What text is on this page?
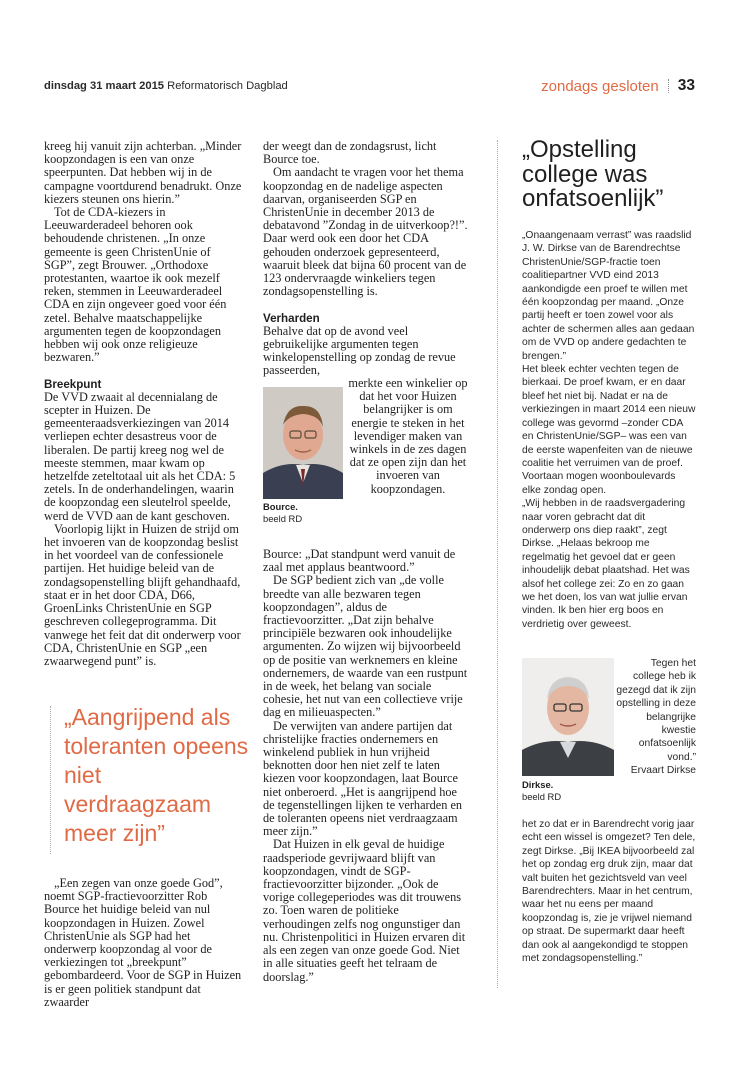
dinsdag 31 maart 2015 Reformatorisch Dagblad	zondags gesloten 33

kreeg hij vanuit zijn achterban. „Minder koopzondagen is een van onze speerpunten. Dat hebben wij in de campagne voortdurend benadrukt. Onze kiezers steunen ons hierin.”

Tot de CDA-kiezers in Leeuwarderadeel behoren ook behoudende christenen. „In onze gemeente is geen ChristenUnie of SGP”, zegt Brouwer. „Orthodoxe protestanten, waartoe ik ook mezelf reken, stemmen in Leeuwarderadeel CDA en zijn ongeveer goed voor één zetel. Behalve maatschappelijke argumenten tegen de koopzondagen hebben wij ook onze religieuze bezwaren.”

Breekpunt

De VVD zwaait al decennialang de scepter in Huizen. De gemeenteraadsverkiezingen van 2014 verliepen echter desastreus voor de liberalen. De partij kreeg nog wel de meeste stemmen, maar kwam op hetzelfde zeteltotaal uit als het CDA: 5 zetels. In de onderhandelingen, waarin de koopzondag een sleutelrol speelde, werd de VVD aan de kant geschoven.

Voorlopig lijkt in Huizen de strijd om het invoeren van de koopzondag beslist in het voordeel van de confessionele partijen. Het huidige beleid van de zondagsopenstelling blijft gehandhaafd, staat er in het door CDA, D66, GroenLinks ChristenUnie en SGP geschreven collegeprogramma. Dit vanwege het feit dat dit onderwerp voor CDA, ChristenUnie en SGP „een zwaarwegend punt” is.

„Aangrijpend als toleranten opeens niet verdraagzaam meer zijn”

„Een zegen van onze goede God”, noemt SGP-fractievoorzitter Rob Bource het huidige beleid van nul koopzondagen in Huizen. Zowel ChristenUnie als SGP had het onderwerp koopzondag al voor de verkiezingen tot „breekpunt” gebombardeerd. Voor de SGP in Huizen is er geen politiek standpunt dat zwaarder

der weegt dan de zondagsrust, licht Bource toe.

Om aandacht te vragen voor het thema koopzondag en de nadelige aspecten daarvan, organiseerden SGP en ChristenUnie in december 2013 de debatavond ”Zondag in de uitverkoop?!”. Daar werd ook een door het CDA gehouden onderzoek gepresenteerd, waaruit bleek dat bijna 60 procent van de 123 ondervraagde winkeliers tegen zondagsopenstelling is.

Verharden

Behalve dat op de avond veel gebruikelijke argumenten tegen winkelopenstelling op zondag de revue passeerden,

Bource.
beeld RD

merkte een winkelier op dat het voor Huizen belangrijker is om energie te steken in het levendiger maken van winkels in de zes dagen dat ze open zijn dan het invoeren van koopzondagen.

Bource: „Dat standpunt werd vanuit de zaal met applaus beantwoord.”

De SGP bedient zich van „de volle breedte van alle bezwaren tegen koopzondagen”, aldus de fractievoorzitter. „Dat zijn behalve principiële bezwaren ook inhoudelijke argumenten. Zo wijzen wij bijvoorbeeld op de positie van werknemers en kleine ondernemers, de waarde van een rustpunt in de week, het belang van sociale cohesie, het nut van een collectieve vrije dag en milieuaspecten.”

De verwijten van andere partijen dat christelijke fracties ondernemers en winkelend publiek in hun vrijheid beknotten door hen niet zelf te laten kiezen voor koopzondagen, laat Bource niet onberoerd. „Het is aangrijpend hoe de tegenstellingen lijken te verharden en de toleranten opeens niet verdraagzaam meer zijn.”

Dat Huizen in elk geval de huidige raadsperiode gevrijwaard blijft van koopzondagen, vindt de SGP-fractievoorzitter bijzonder. „Ook de vorige collegeperiodes was dit trouwens zo. Toen waren de politieke verhoudingen zelfs nog ongunstiger dan nu. Christenpolitici in Huizen ervaren dit als een zegen van onze goede God. Niet in alle situaties geeft het telraam de doorslag.”

„Opstelling college was onfatsoenlijk”

„Onaangenaam verrast” was raadslid J. W. Dirkse van de Barendrechtse ChristenUnie/SGP-fractie toen coalitiepartner VVD eind 2013 aankondigde een proef te willen met één koopzondag per maand. „Onze partij heeft er toen zowel voor als achter de schermen alles aan gedaan om de VVD op andere gedachten te brengen.”

Het bleek echter vechten tegen de bierkaai. De proef kwam, er en daar bleef het niet bij. Nadat er na de verkiezingen in maart 2014 een nieuw college was gevormd –zonder CDA en ChristenUnie/SGP– was een van de eerste wapenfeiten van de nieuwe coalitie het verruimen van de proef. Voortaan mogen woonboulevards elke zondag open.

„Wij hebben in de raadsvergadering naar voren gebracht dat dit onderwerp ons diep raakt”, zegt Dirkse. „Helaas bekroop me regelmatig het gevoel dat er geen inhoudelijk debat plaatshad. Het was alsof het college zei: Zo en zo gaan we het doen, los van wat jullie ervan vinden. Ik ben hier erg boos en verdrietig over geweest.

Dirkse.
beeld RD

Tegen het college heb ik gezegd dat ik zijn opstelling in deze belangrijke kwestie onfatsoenlijk vond.”

Ervaart Dirkse

het zo dat er in Barendrecht vorig jaar echt een wissel is omgezet? Ten dele, zegt Dirkse. „Bij IKEA bijvoorbeeld zal het op zondag erg druk zijn, maar dat valt buiten het gezichtsveld van veel Barendrechters. Maar in het centrum, waar het nu eens per maand koopzondag is, zie je vrijwel niemand op straat. De supermarkt daar heeft dan ook al aangekondigd te stoppen met zondagsopenstelling.”
